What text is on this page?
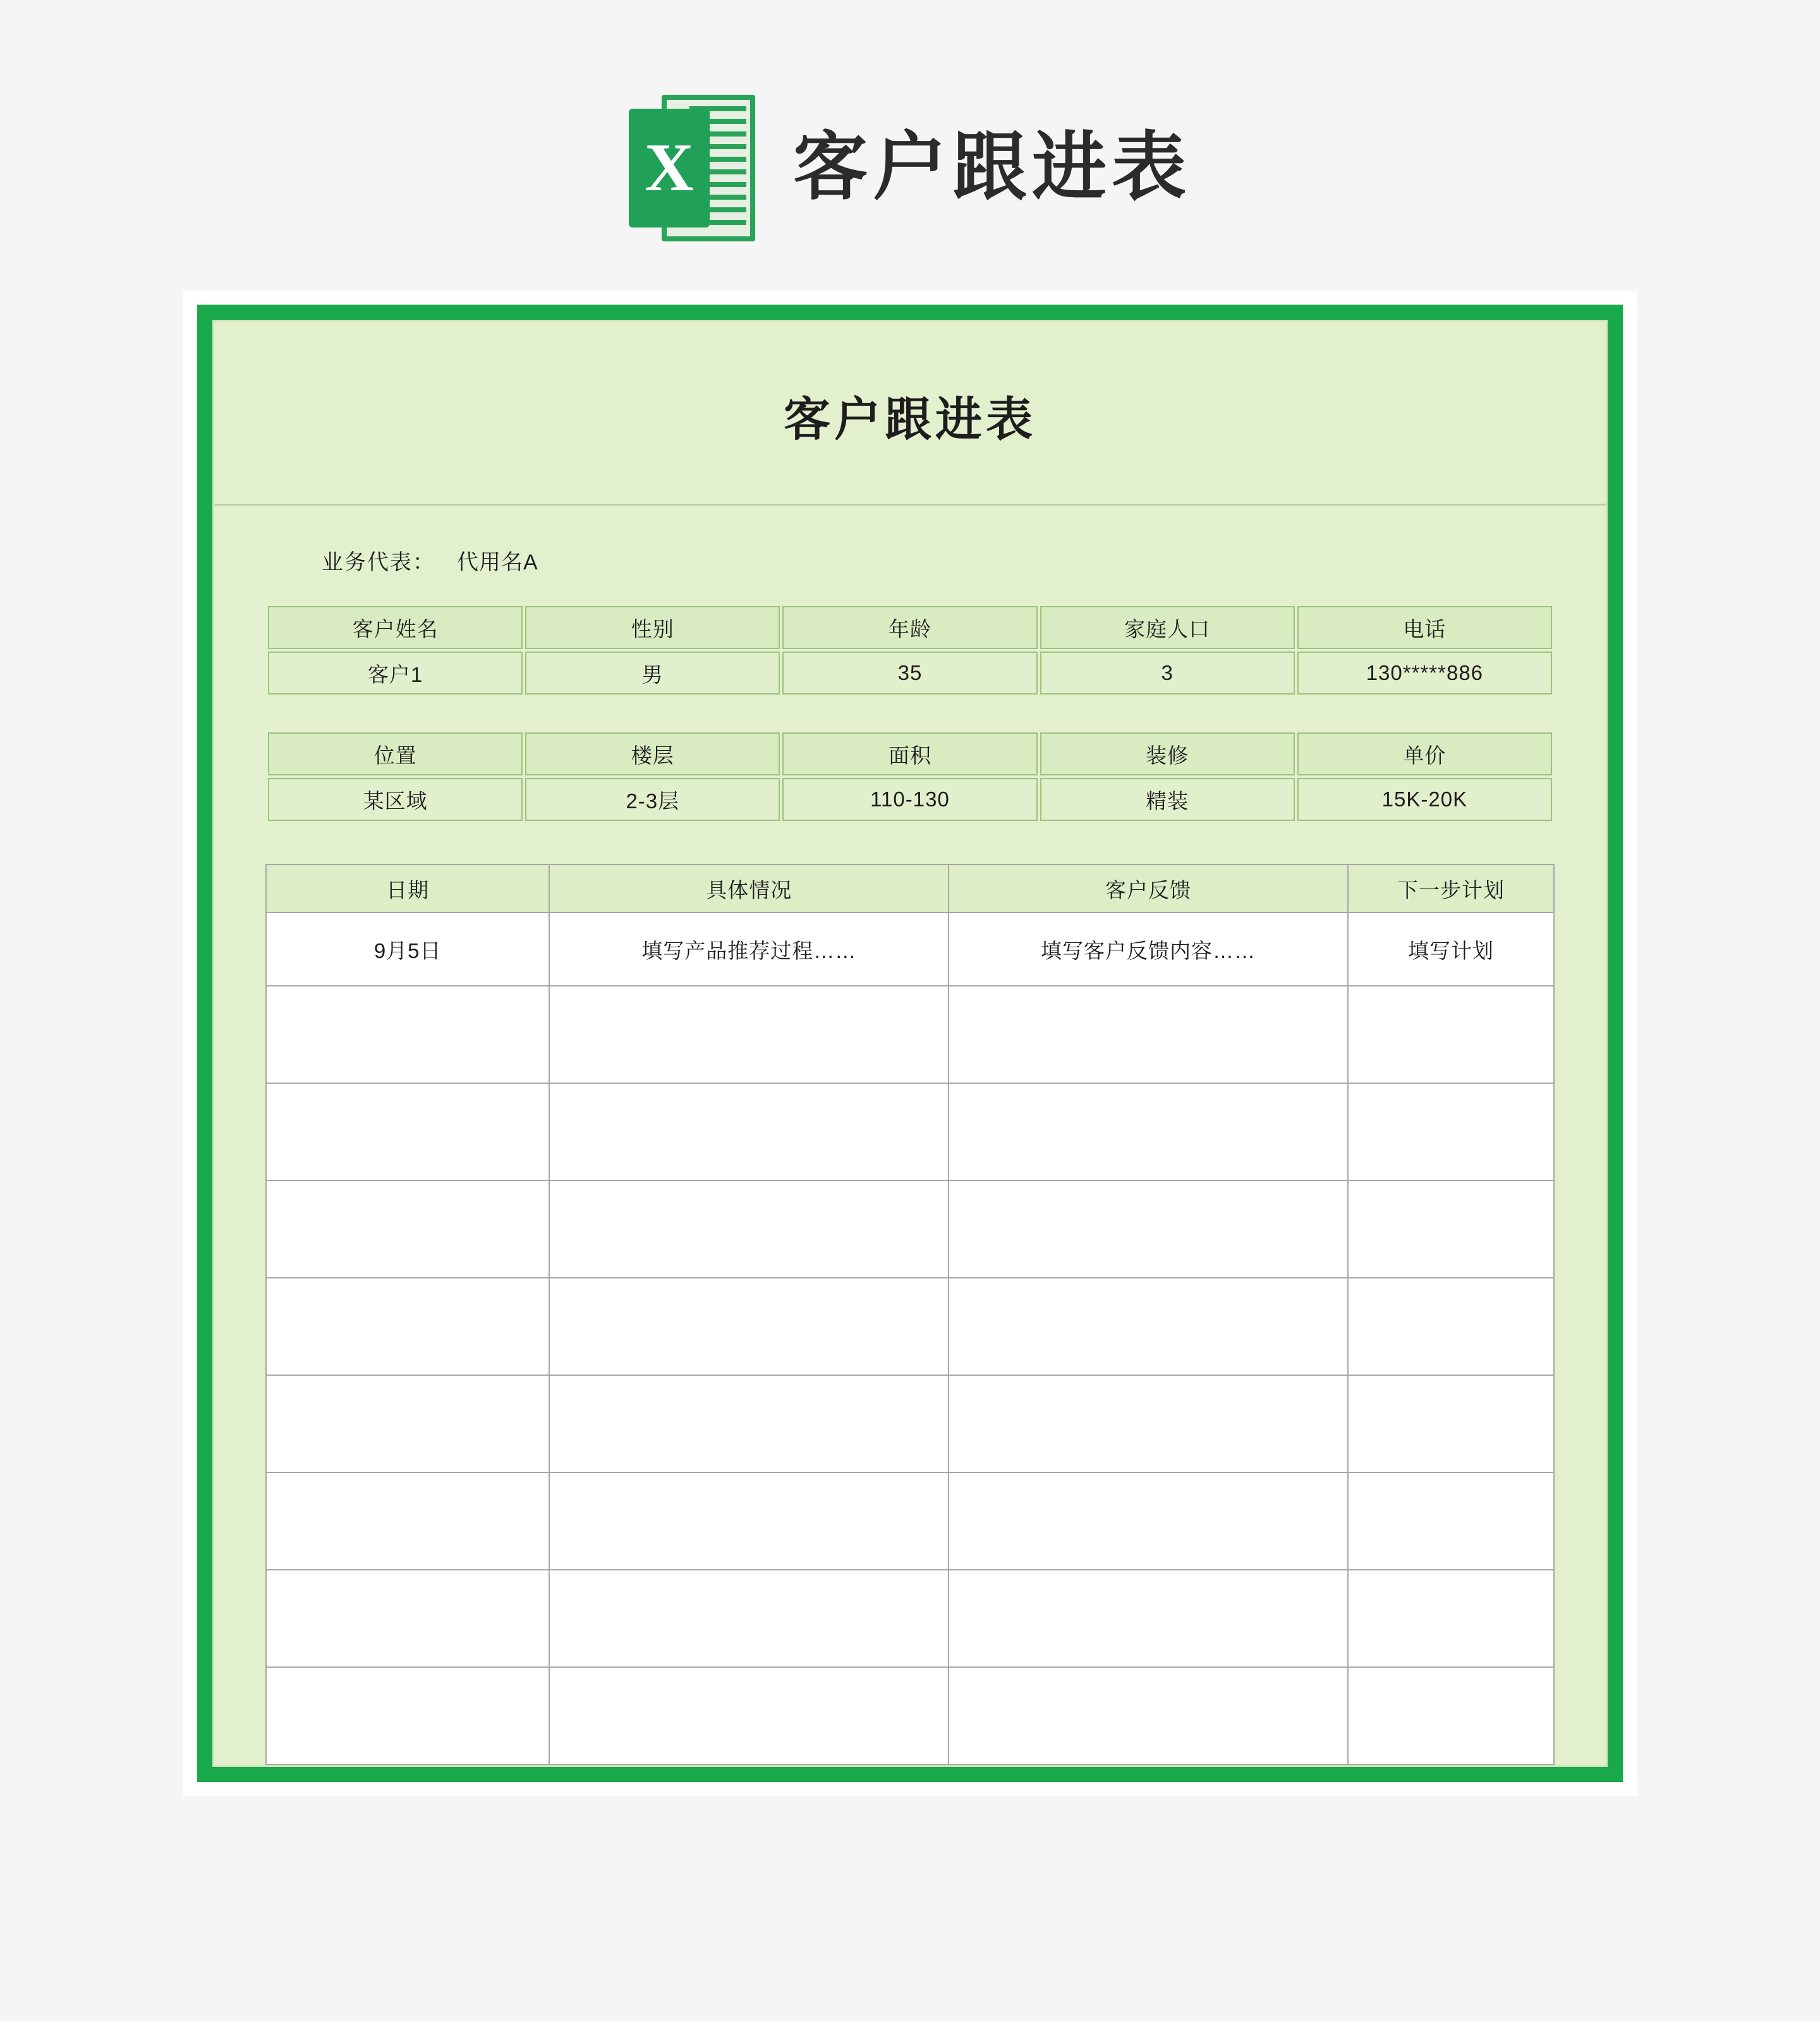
X 客户跟进表
客户跟进表
业务代表： 代用名A
客户姓名	性别	年龄	家庭人口	电话
客户1	男	35	3	130*****886
位置	楼层	面积	装修	单价
某区域	2-3层	110-130	精装	15K-20K
日期	具体情况	客户反馈	下一步计划
9月5日	填写产品推荐过程……	填写客户反馈内容……	填写计划
